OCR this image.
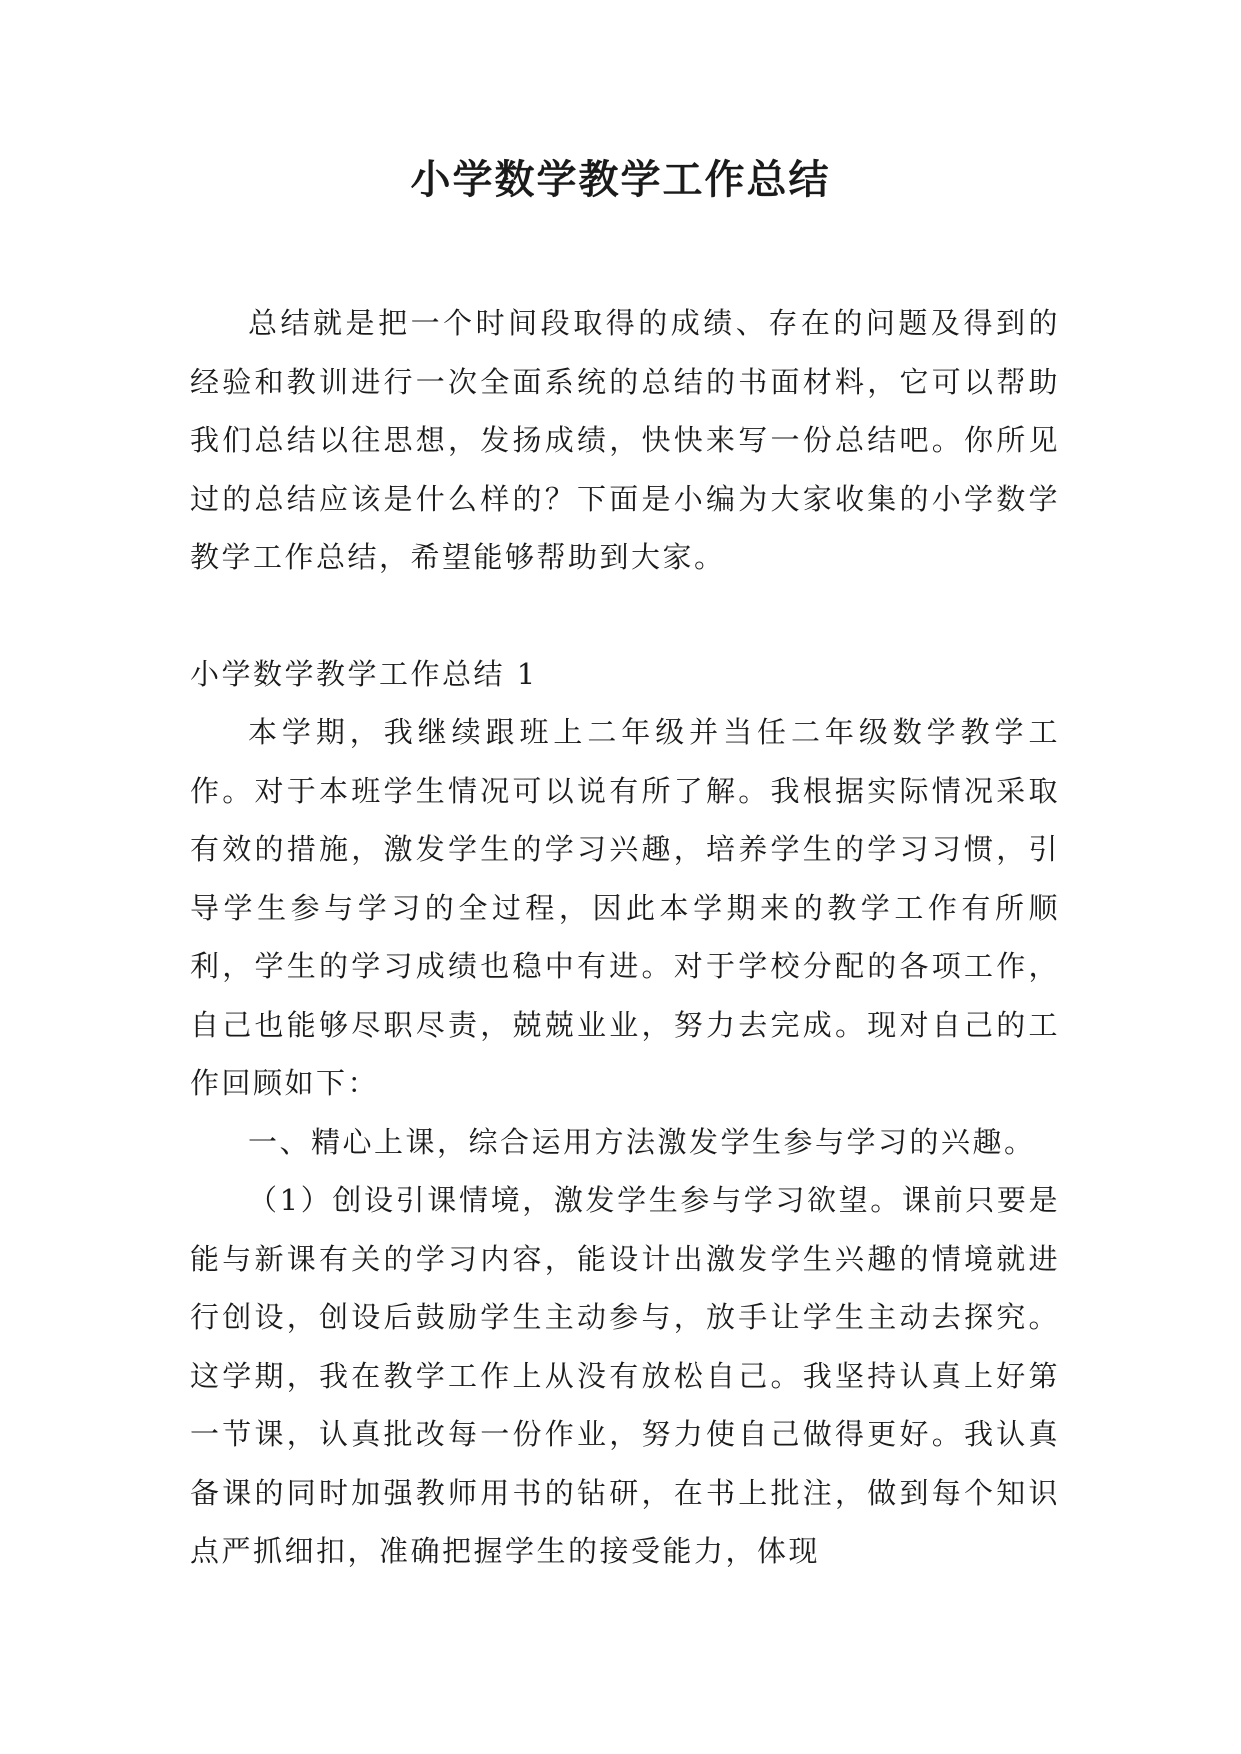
小学数学教学工作总结

总结就是把一个时间段取得的成绩、存在的问题及得到的经验和教训进行一次全面系统的总结的书面材料，它可以帮助我们总结以往思想，发扬成绩，快快来写一份总结吧。你所见过的总结应该是什么样的？下面是小编为大家收集的小学数学教学工作总结，希望能够帮助到大家。

小学数学教学工作总结 1

本学期，我继续跟班上二年级并当任二年级数学教学工作。对于本班学生情况可以说有所了解。我根据实际情况采取有效的措施，激发学生的学习兴趣，培养学生的学习习惯，引导学生参与学习的全过程，因此本学期来的教学工作有所顺利，学生的学习成绩也稳中有进。对于学校分配的各项工作，自己也能够尽职尽责，兢兢业业，努力去完成。现对自己的工作回顾如下：

一、精心上课，综合运用方法激发学生参与学习的兴趣。

（1）创设引课情境，激发学生参与学习欲望。课前只要是能与新课有关的学习内容，能设计出激发学生兴趣的情境就进行创设，创设后鼓励学生主动参与，放手让学生主动去探究。这学期，我在教学工作上从没有放松自己。我坚持认真上好第一节课，认真批改每一份作业，努力使自己做得更好。我认真备课的同时加强教师用书的钻研，在书上批注，做到每个知识点严抓细扣，准确把握学生的接受能力，体现
